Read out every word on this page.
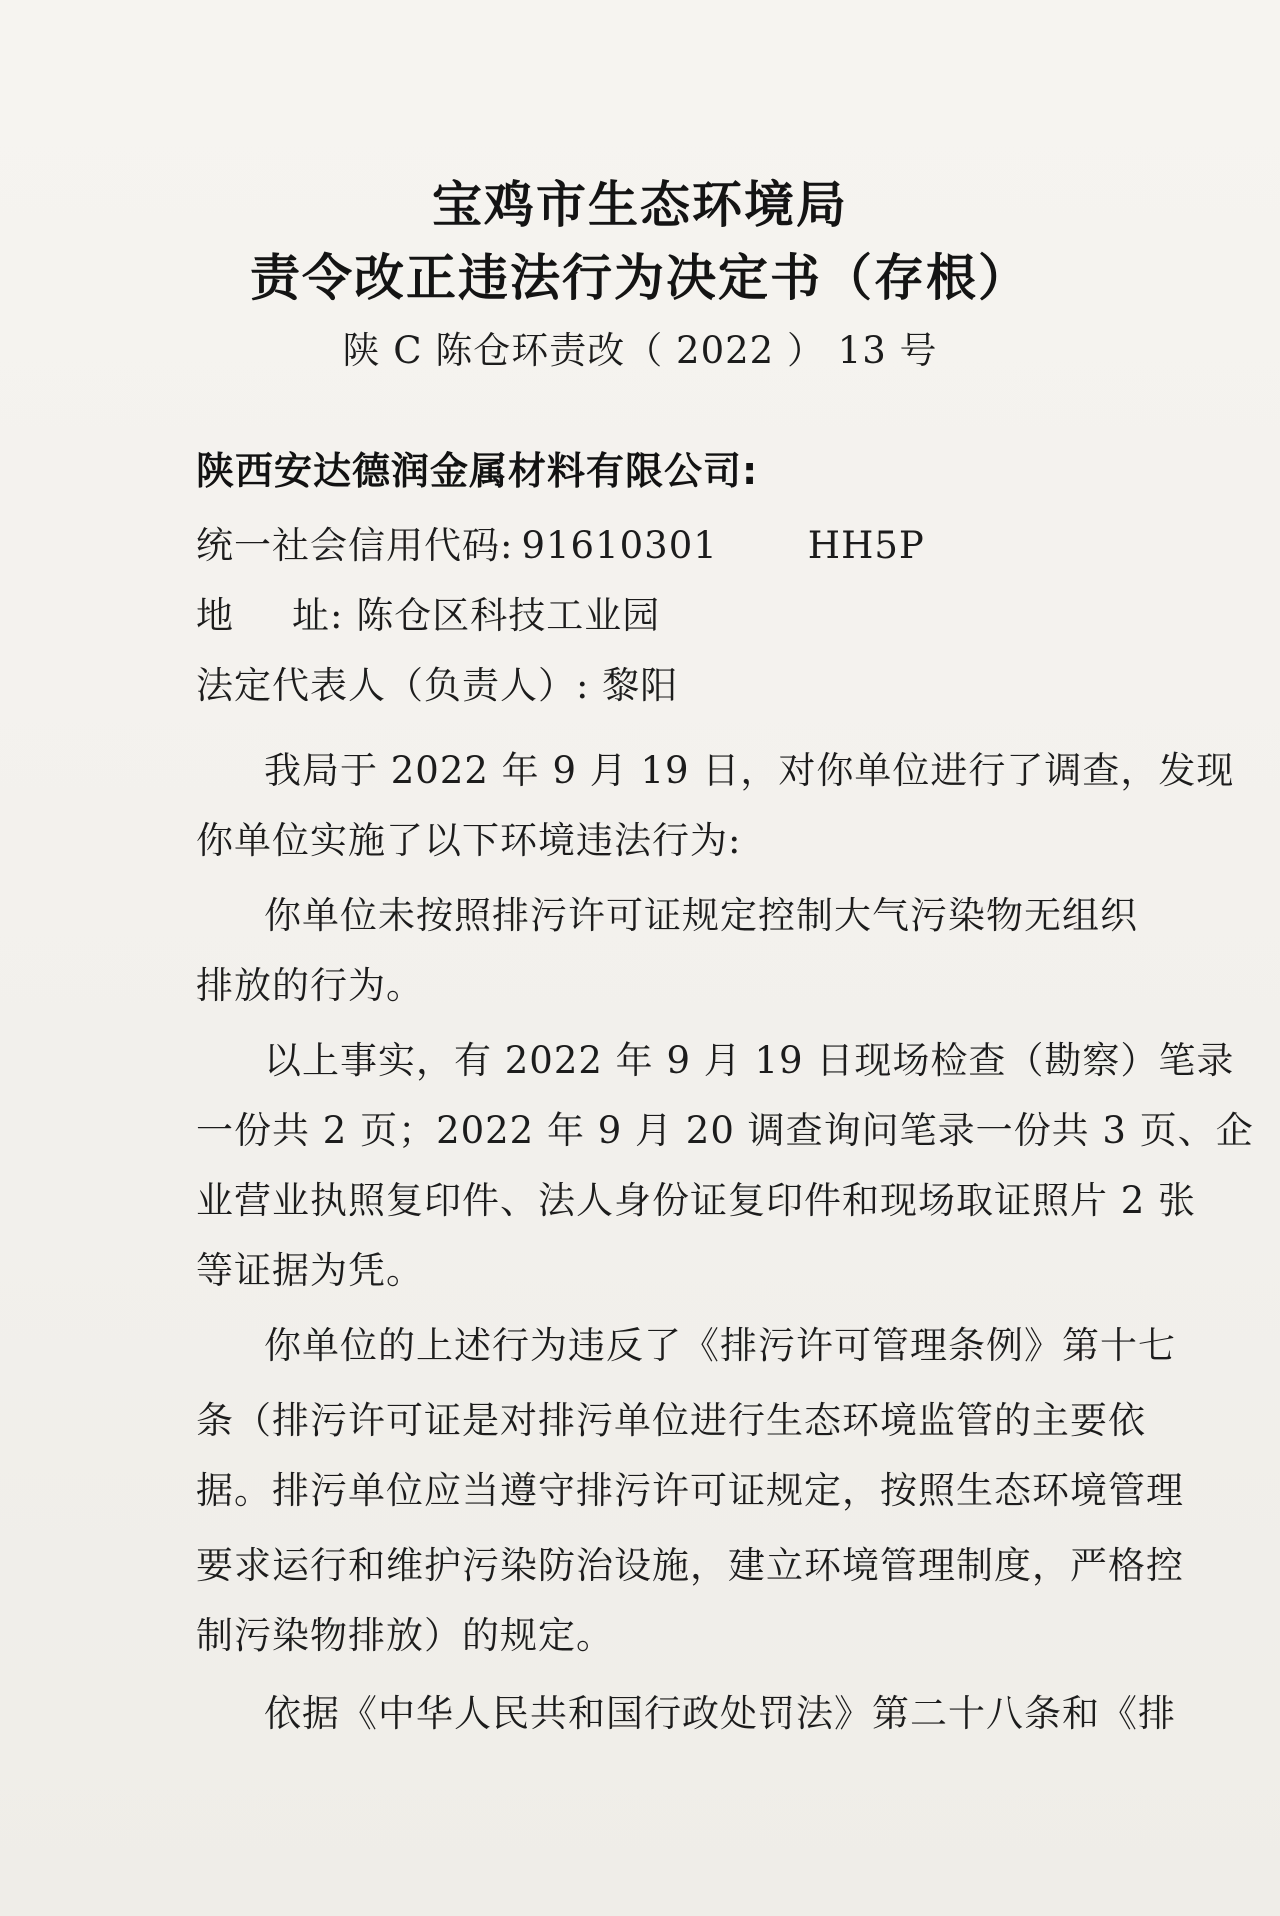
宝鸡市生态环境局
责令改正违法行为决定书（存根）
陕 C 陈仓环责改（ 2022 ） 13 号
陕西安达德润金属材料有限公司:
统一社会信用代码: 91610301 HH5P
地 址: 陈仓区科技工业园
法定代表人（负责人）: 黎阳
我局于 2022 年 9 月 19 日，对你单位进行了调查，发现
你单位实施了以下环境违法行为:
你单位未按照排污许可证规定控制大气污染物无组织
排放的行为。
以上事实，有 2022 年 9 月 19 日现场检查（勘察）笔录
一份共 2 页；2022 年 9 月 20 调查询问笔录一份共 3 页、企
业营业执照复印件、法人身份证复印件和现场取证照片 2 张
等证据为凭。
你单位的上述行为违反了《排污许可管理条例》第十七
条（排污许可证是对排污单位进行生态环境监管的主要依
据。排污单位应当遵守排污许可证规定，按照生态环境管理
要求运行和维护污染防治设施，建立环境管理制度，严格控
制污染物排放）的规定。
依据《中华人民共和国行政处罚法》第二十八条和《排
